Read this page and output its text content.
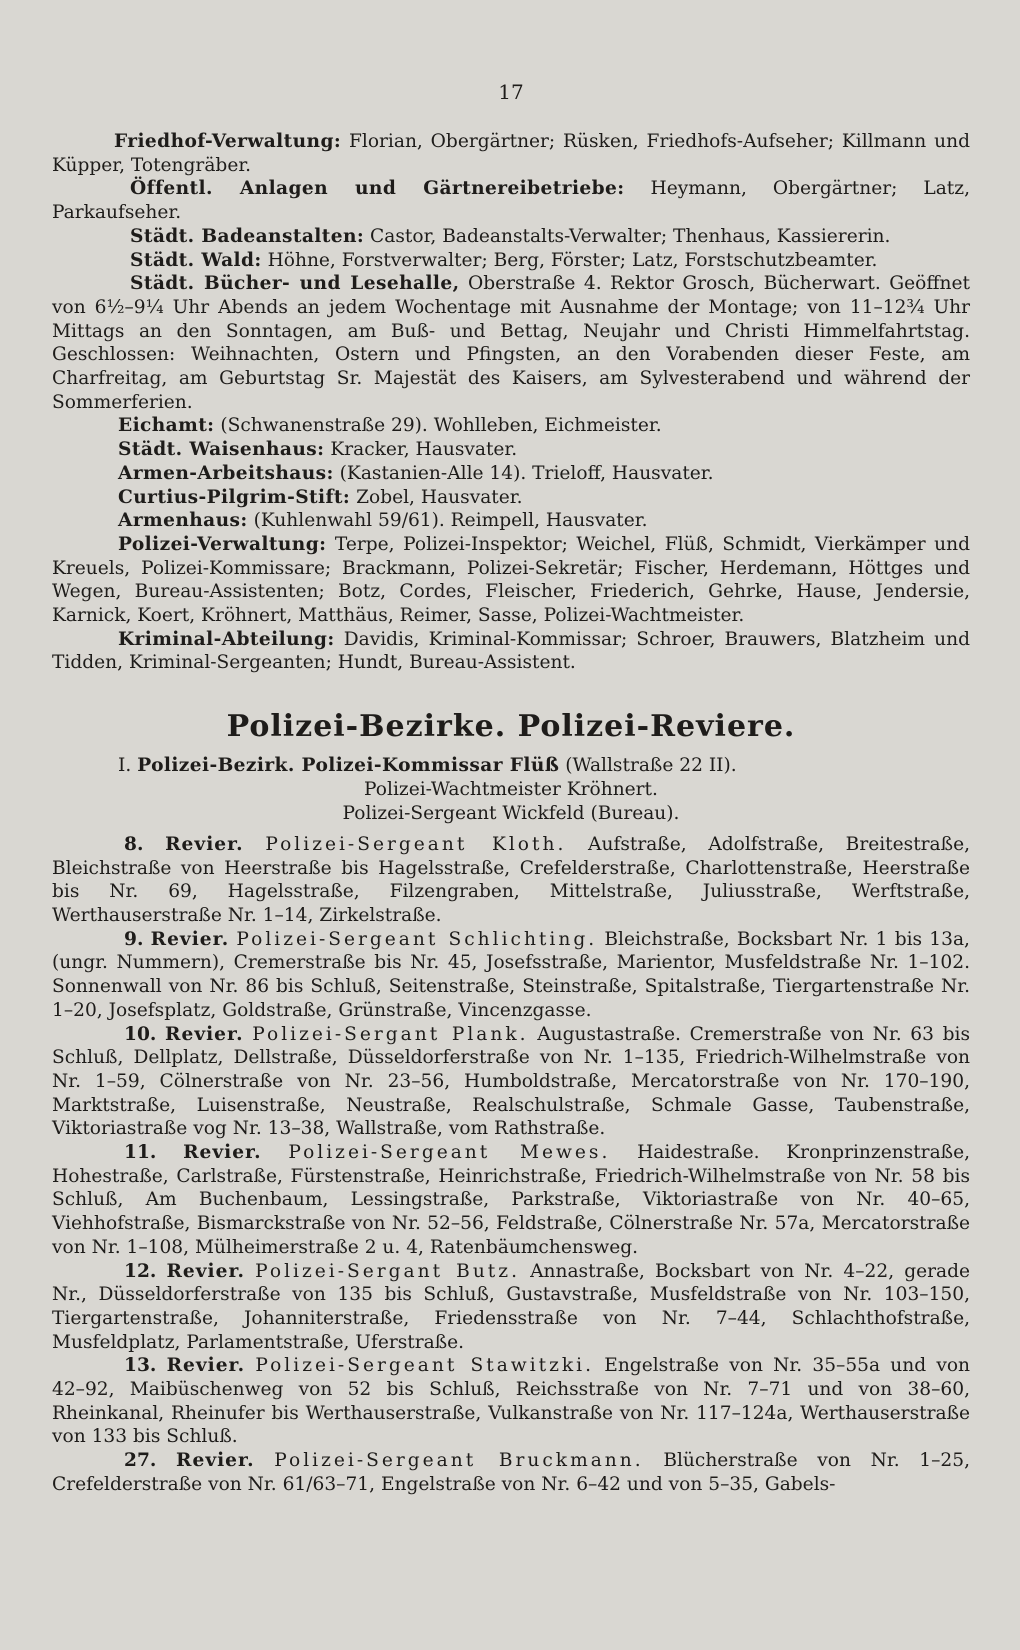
17

Friedhof-Verwaltung: Florian, Obergärtner; Rüsken, Friedhofs-Aufseher; Killmann und Küpper, Totengräber.

Öffentl. Anlagen und Gärtnereibetriebe: Heymann, Obergärtner; Latz, Parkaufseher.

Städt. Badeanstalten: Castor, Badeanstalts-Verwalter; Thenhaus, Kassiererin.

Städt. Wald: Höhne, Forstverwalter; Berg, Förster; Latz, Forstschutzbeamter.

Städt. Bücher- und Lesehalle, Oberstraße 4. Rektor Grosch, Bücherwart. Geöffnet von 6½–9¼ Uhr Abends an jedem Wochentage mit Ausnahme der Montage; von 11–12¾ Uhr Mittags an den Sonntagen, am Buß- und Bettag, Neujahr und Christi Himmelfahrtstag. Geschlossen: Weihnachten, Ostern und Pfingsten, an den Vorabenden dieser Feste, am Charfreitag, am Geburtstag Sr. Majestät des Kaisers, am Sylvesterabend und während der Sommerferien.

Eichamt: (Schwanenstraße 29). Wohlleben, Eichmeister.

Städt. Waisenhaus: Kracker, Hausvater.

Armen-Arbeitshaus: (Kastanien-Alle 14). Trieloff, Hausvater.

Curtius-Pilgrim-Stift: Zobel, Hausvater.

Armenhaus: (Kuhlenwahl 59/61). Reimpell, Hausvater.

Polizei-Verwaltung: Terpe, Polizei-Inspektor; Weichel, Flüß, Schmidt, Vierkämper und Kreuels, Polizei-Kommissare; Brackmann, Polizei-Sekretär; Fischer, Herdemann, Höttges und Wegen, Bureau-Assistenten; Botz, Cordes, Fleischer, Friederich, Gehrke, Hause, Jendersie, Karnick, Koert, Kröhnert, Matthäus, Reimer, Sasse, Polizei-Wachtmeister.

Kriminal-Abteilung: Davidis, Kriminal-Kommissar; Schroer, Brauwers, Blatzheim und Tidden, Kriminal-Sergeanten; Hundt, Bureau-Assistent.

Polizei-Bezirke. Polizei-Reviere.

I. Polizei-Bezirk. Polizei-Kommissar Flüß (Wallstraße 22 II).

Polizei-Wachtmeister Kröhnert.

Polizei-Sergeant Wickfeld (Bureau).

8. Revier. Polizei-Sergeant Kloth. Aufstraße, Adolfstraße, Breitestraße, Bleichstraße von Heerstraße bis Hagelsstraße, Crefelderstraße, Charlottenstraße, Heerstraße bis Nr. 69, Hagelsstraße, Filzengraben, Mittelstraße, Juliusstraße, Werftstraße, Werthauserstraße Nr. 1–14, Zirkelstraße.

9. Revier. Polizei-Sergeant Schlichting. Bleichstraße, Bocksbart Nr. 1 bis 13a, (ungr. Nummern), Cremerstraße bis Nr. 45, Josefsstraße, Marientor, Musfeldstraße Nr. 1–102. Sonnenwall von Nr. 86 bis Schluß, Seitenstraße, Steinstraße, Spitalstraße, Tiergartenstraße Nr. 1–20, Josefsplatz, Goldstraße, Grünstraße, Vincenzgasse.

10. Revier. Polizei-Sergant Plank. Augustastraße. Cremerstraße von Nr. 63 bis Schluß, Dellplatz, Dellstraße, Düsseldorferstraße von Nr. 1–135, Friedrich-Wilhelmstraße von Nr. 1–59, Cölnerstraße von Nr. 23–56, Humboldstraße, Mercatorstraße von Nr. 170–190, Marktstraße, Luisenstraße, Neustraße, Realschulstraße, Schmale Gasse, Taubenstraße, Viktoriastraße vog Nr. 13–38, Wallstraße, vom Rathstraße.

11. Revier. Polizei-Sergeant Mewes. Haidestraße. Kronprinzenstraße, Hohestraße, Carlstraße, Fürstenstraße, Heinrichstraße, Friedrich-Wilhelmstraße von Nr. 58 bis Schluß, Am Buchenbaum, Lessingstraße, Parkstraße, Viktoriastraße von Nr. 40–65, Viehhofstraße, Bismarckstraße von Nr. 52–56, Feldstraße, Cölnerstraße Nr. 57a, Mercatorstraße von Nr. 1–108, Mülheimerstraße 2 u. 4, Ratenbäumchensweg.

12. Revier. Polizei-Sergant Butz. Annastraße, Bocksbart von Nr. 4–22, gerade Nr., Düsseldorferstraße von 135 bis Schluß, Gustavstraße, Musfeldstraße von Nr. 103–150, Tiergartenstraße, Johanniterstraße, Friedensstraße von Nr. 7–44, Schlachthofstraße, Musfeldplatz, Parlamentstraße, Uferstraße.

13. Revier. Polizei-Sergeant Stawitzki. Engelstraße von Nr. 35–55a und von 42–92, Maibüschenweg von 52 bis Schluß, Reichsstraße von Nr. 7–71 und von 38–60, Rheinkanal, Rheinufer bis Werthauserstraße, Vulkanstraße von Nr. 117–124a, Werthauserstraße von 133 bis Schluß.

27. Revier. Polizei-Sergeant Bruckmann. Blücherstraße von Nr. 1–25, Crefelderstraße von Nr. 61/63–71, Engelstraße von Nr. 6–42 und von 5–35, Gabels-
